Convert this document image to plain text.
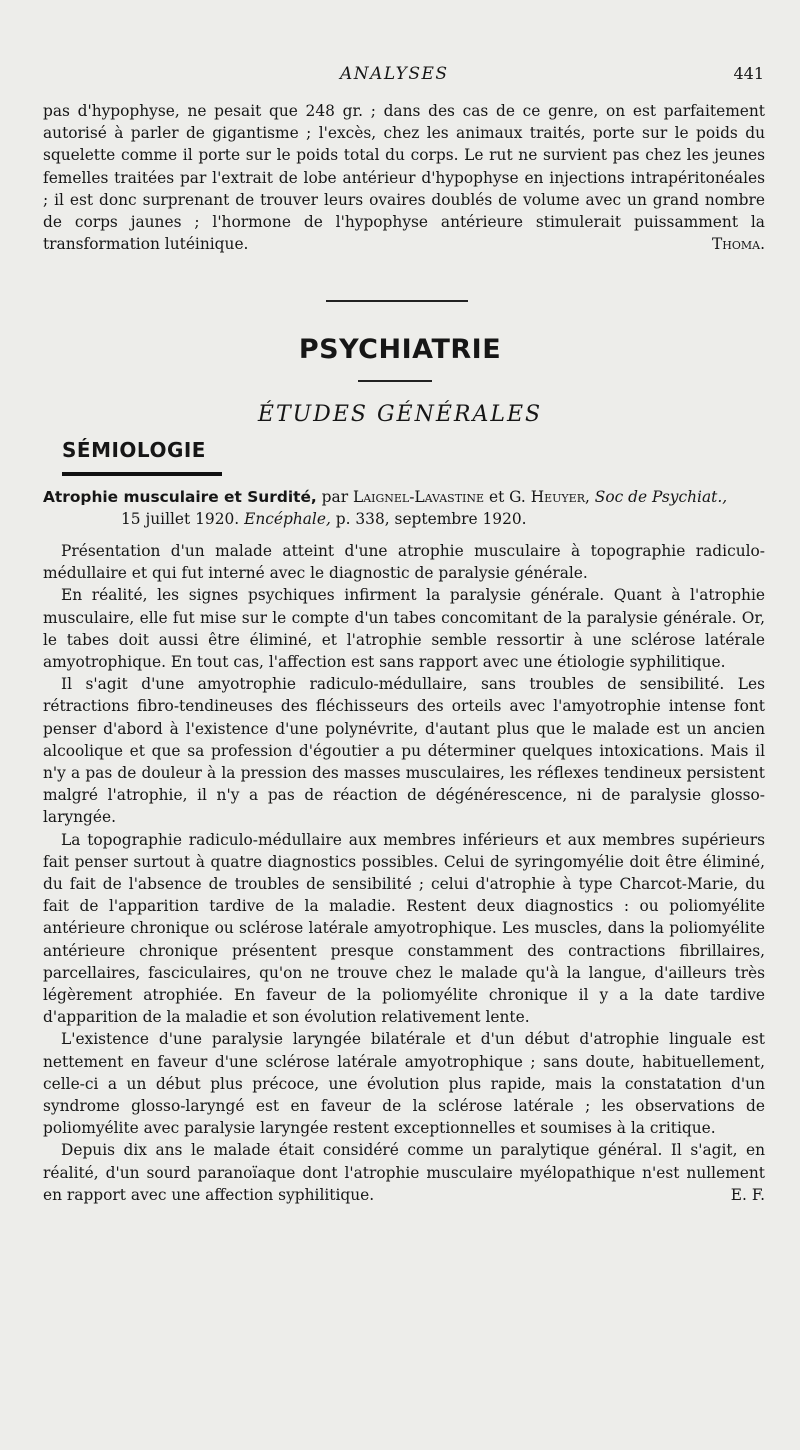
ANALYSES	441

pas d'hypophyse, ne pesait que 248 gr. ; dans des cas de ce genre, on est parfaitement autorisé à parler de gigantisme ; l'excès, chez les animaux traités, porte sur le poids du squelette comme il porte sur le poids total du corps. Le rut ne survient pas chez les jeunes femelles traitées par l'extrait de lobe antérieur d'hypophyse en injections intrapéritonéales ; il est donc surprenant de trouver leurs ovaires doublés de volume avec un grand nombre de corps jaunes ; l'hormone de l'hypophyse antérieure stimulerait puissamment la transformation lutéinique.	Thoma.

PSYCHIATRIE
ÉTUDES GÉNÉRALES
SÉMIOLOGIE
Atrophie musculaire et Surdité, par Laignel-Lavastine et G. Heuyer, Soc de Psychiat.,
15 juillet 1920. Encéphale, p. 338, septembre 1920.

Présentation d'un malade atteint d'une atrophie musculaire à topographie radiculo-médullaire et qui fut interné avec le diagnostic de paralysie générale.

En réalité, les signes psychiques infirment la paralysie générale. Quant à l'atrophie musculaire, elle fut mise sur le compte d'un tabes concomitant de la paralysie générale. Or, le tabes doit aussi être éliminé, et l'atrophie semble ressortir à une sclérose latérale amyotrophique. En tout cas, l'affection est sans rapport avec une étiologie syphilitique.

Il s'agit d'une amyotrophie radiculo-médullaire, sans troubles de sensibilité. Les rétractions fibro-tendineuses des fléchisseurs des orteils avec l'amyotrophie intense font penser d'abord à l'existence d'une polynévrite, d'autant plus que le malade est un ancien alcoolique et que sa profession d'égoutier a pu déterminer quelques intoxications. Mais il n'y a pas de douleur à la pression des masses musculaires, les réflexes tendineux persistent malgré l'atrophie, il n'y a pas de réaction de dégénérescence, ni de paralysie glosso-laryngée.

La topographie radiculo-médullaire aux membres inférieurs et aux membres supérieurs fait penser surtout à quatre diagnostics possibles. Celui de syringomyélie doit être éliminé, du fait de l'absence de troubles de sensibilité ; celui d'atrophie à type Charcot-Marie, du fait de l'apparition tardive de la maladie. Restent deux diagnostics : ou poliomyélite antérieure chronique ou sclérose latérale amyotrophique. Les muscles, dans la poliomyélite antérieure chronique présentent presque constamment des contractions fibrillaires, parcellaires, fasciculaires, qu'on ne trouve chez le malade qu'à la langue, d'ailleurs très légèrement atrophiée. En faveur de la poliomyélite chronique il y a la date tardive d'apparition de la maladie et son évolution relativement lente.

L'existence d'une paralysie laryngée bilatérale et d'un début d'atrophie linguale est nettement en faveur d'une sclérose latérale amyotrophique ; sans doute, habituellement, celle-ci a un début plus précoce, une évolution plus rapide, mais la constatation d'un syndrome glosso-laryngé est en faveur de la sclérose latérale ; les observations de poliomyélite avec paralysie laryngée restent exceptionnelles et soumises à la critique.

Depuis dix ans le malade était considéré comme un paralytique général. Il s'agit, en réalité, d'un sourd paranoïaque dont l'atrophie musculaire myélopathique n'est nullement en rapport avec une affection syphilitique.	E. F.
